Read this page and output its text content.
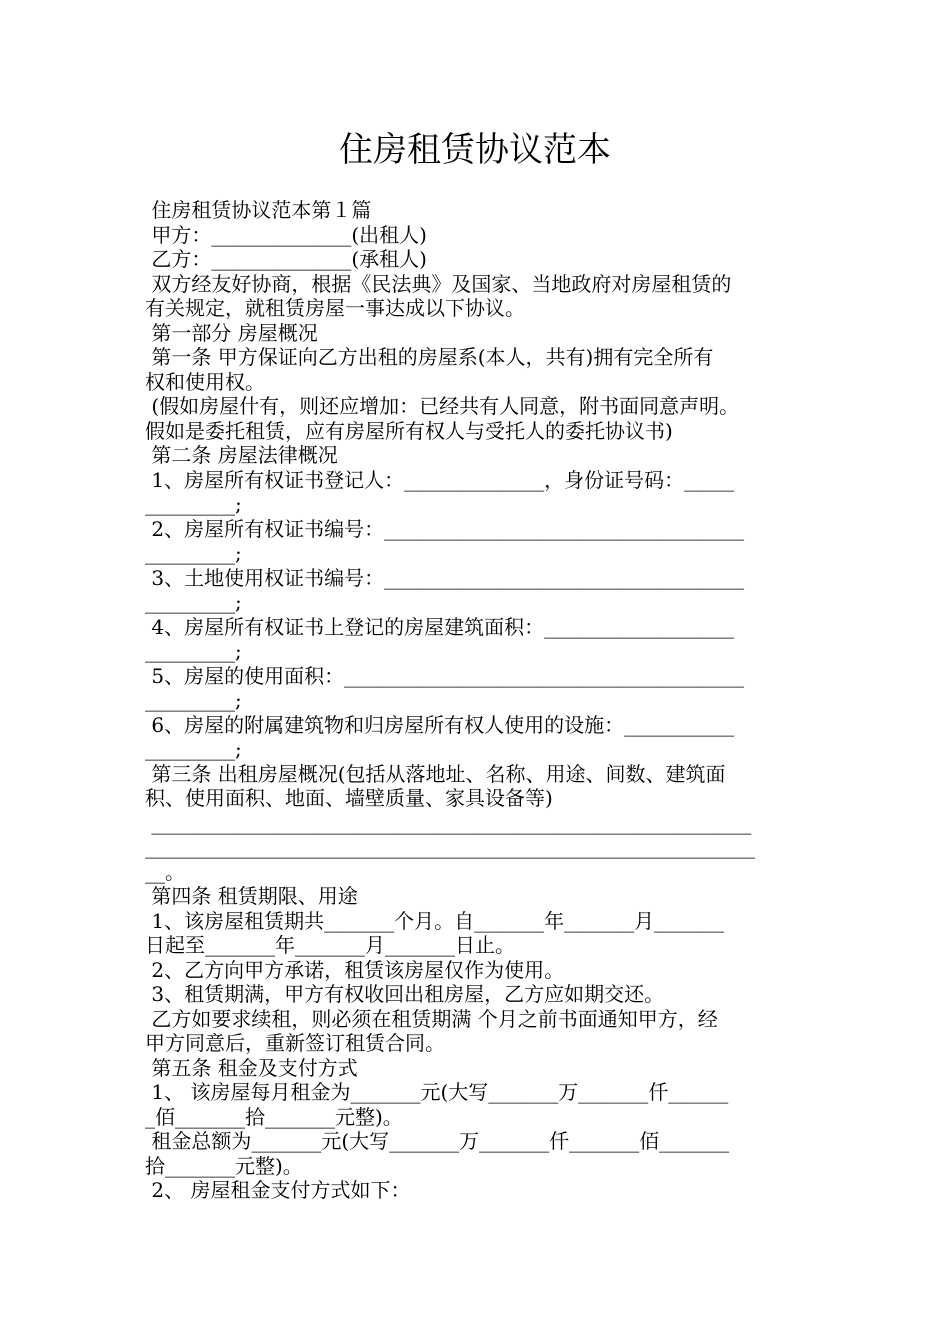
住房租赁协议范本
住房租赁协议范本第１篇
甲方：______________(出租人)
乙方：______________(承租人)
双方经友好协商，根据《民法典》及国家、当地政府对房屋租赁的
有关规定，就租赁房屋一事达成以下协议。
第一部分 房屋概况
第一条 甲方保证向乙方出租的房屋系(本人，共有)拥有完全所有
权和使用权。
(假如房屋什有，则还应增加：已经共有人同意，附书面同意声明。
假如是委托租赁，应有房屋所有权人与受托人的委托协议书)
第二条 房屋法律概况
1、房屋所有权证书登记人：______________，身份证号码：_____
_________;
2、房屋所有权证书编号：____________________________________
_________;
3、土地使用权证书编号：____________________________________
_________;
4、房屋所有权证书上登记的房屋建筑面积：___________________
_________;
5、房屋的使用面积：________________________________________
_________;
6、房屋的附属建筑物和归房屋所有权人使用的设施：___________
_________;
第三条 出租房屋概况(包括从落地址、名称、用途、间数、建筑面
积、使用面积、地面、墙壁质量、家具设备等)
____________________________________________________________
_____________________________________________________________
__。
第四条 租赁期限、用途
1、该房屋租赁期共_______个月。自_______年_______月_______
日起至_______年_______月_______日止。
2、乙方向甲方承诺，租赁该房屋仅作为使用。
3、租赁期满，甲方有权收回出租房屋，乙方应如期交还。
乙方如要求续租，则必须在租赁期满 个月之前书面通知甲方，经
甲方同意后，重新签订租赁合同。
第五条 租金及支付方式
1、 该房屋每月租金为_______元(大写_______万_______仟______
_佰_______拾_______元整)。
租金总额为_______元(大写_______万_______仟_______佰_______
拾_______元整)。
2、 房屋租金支付方式如下：
